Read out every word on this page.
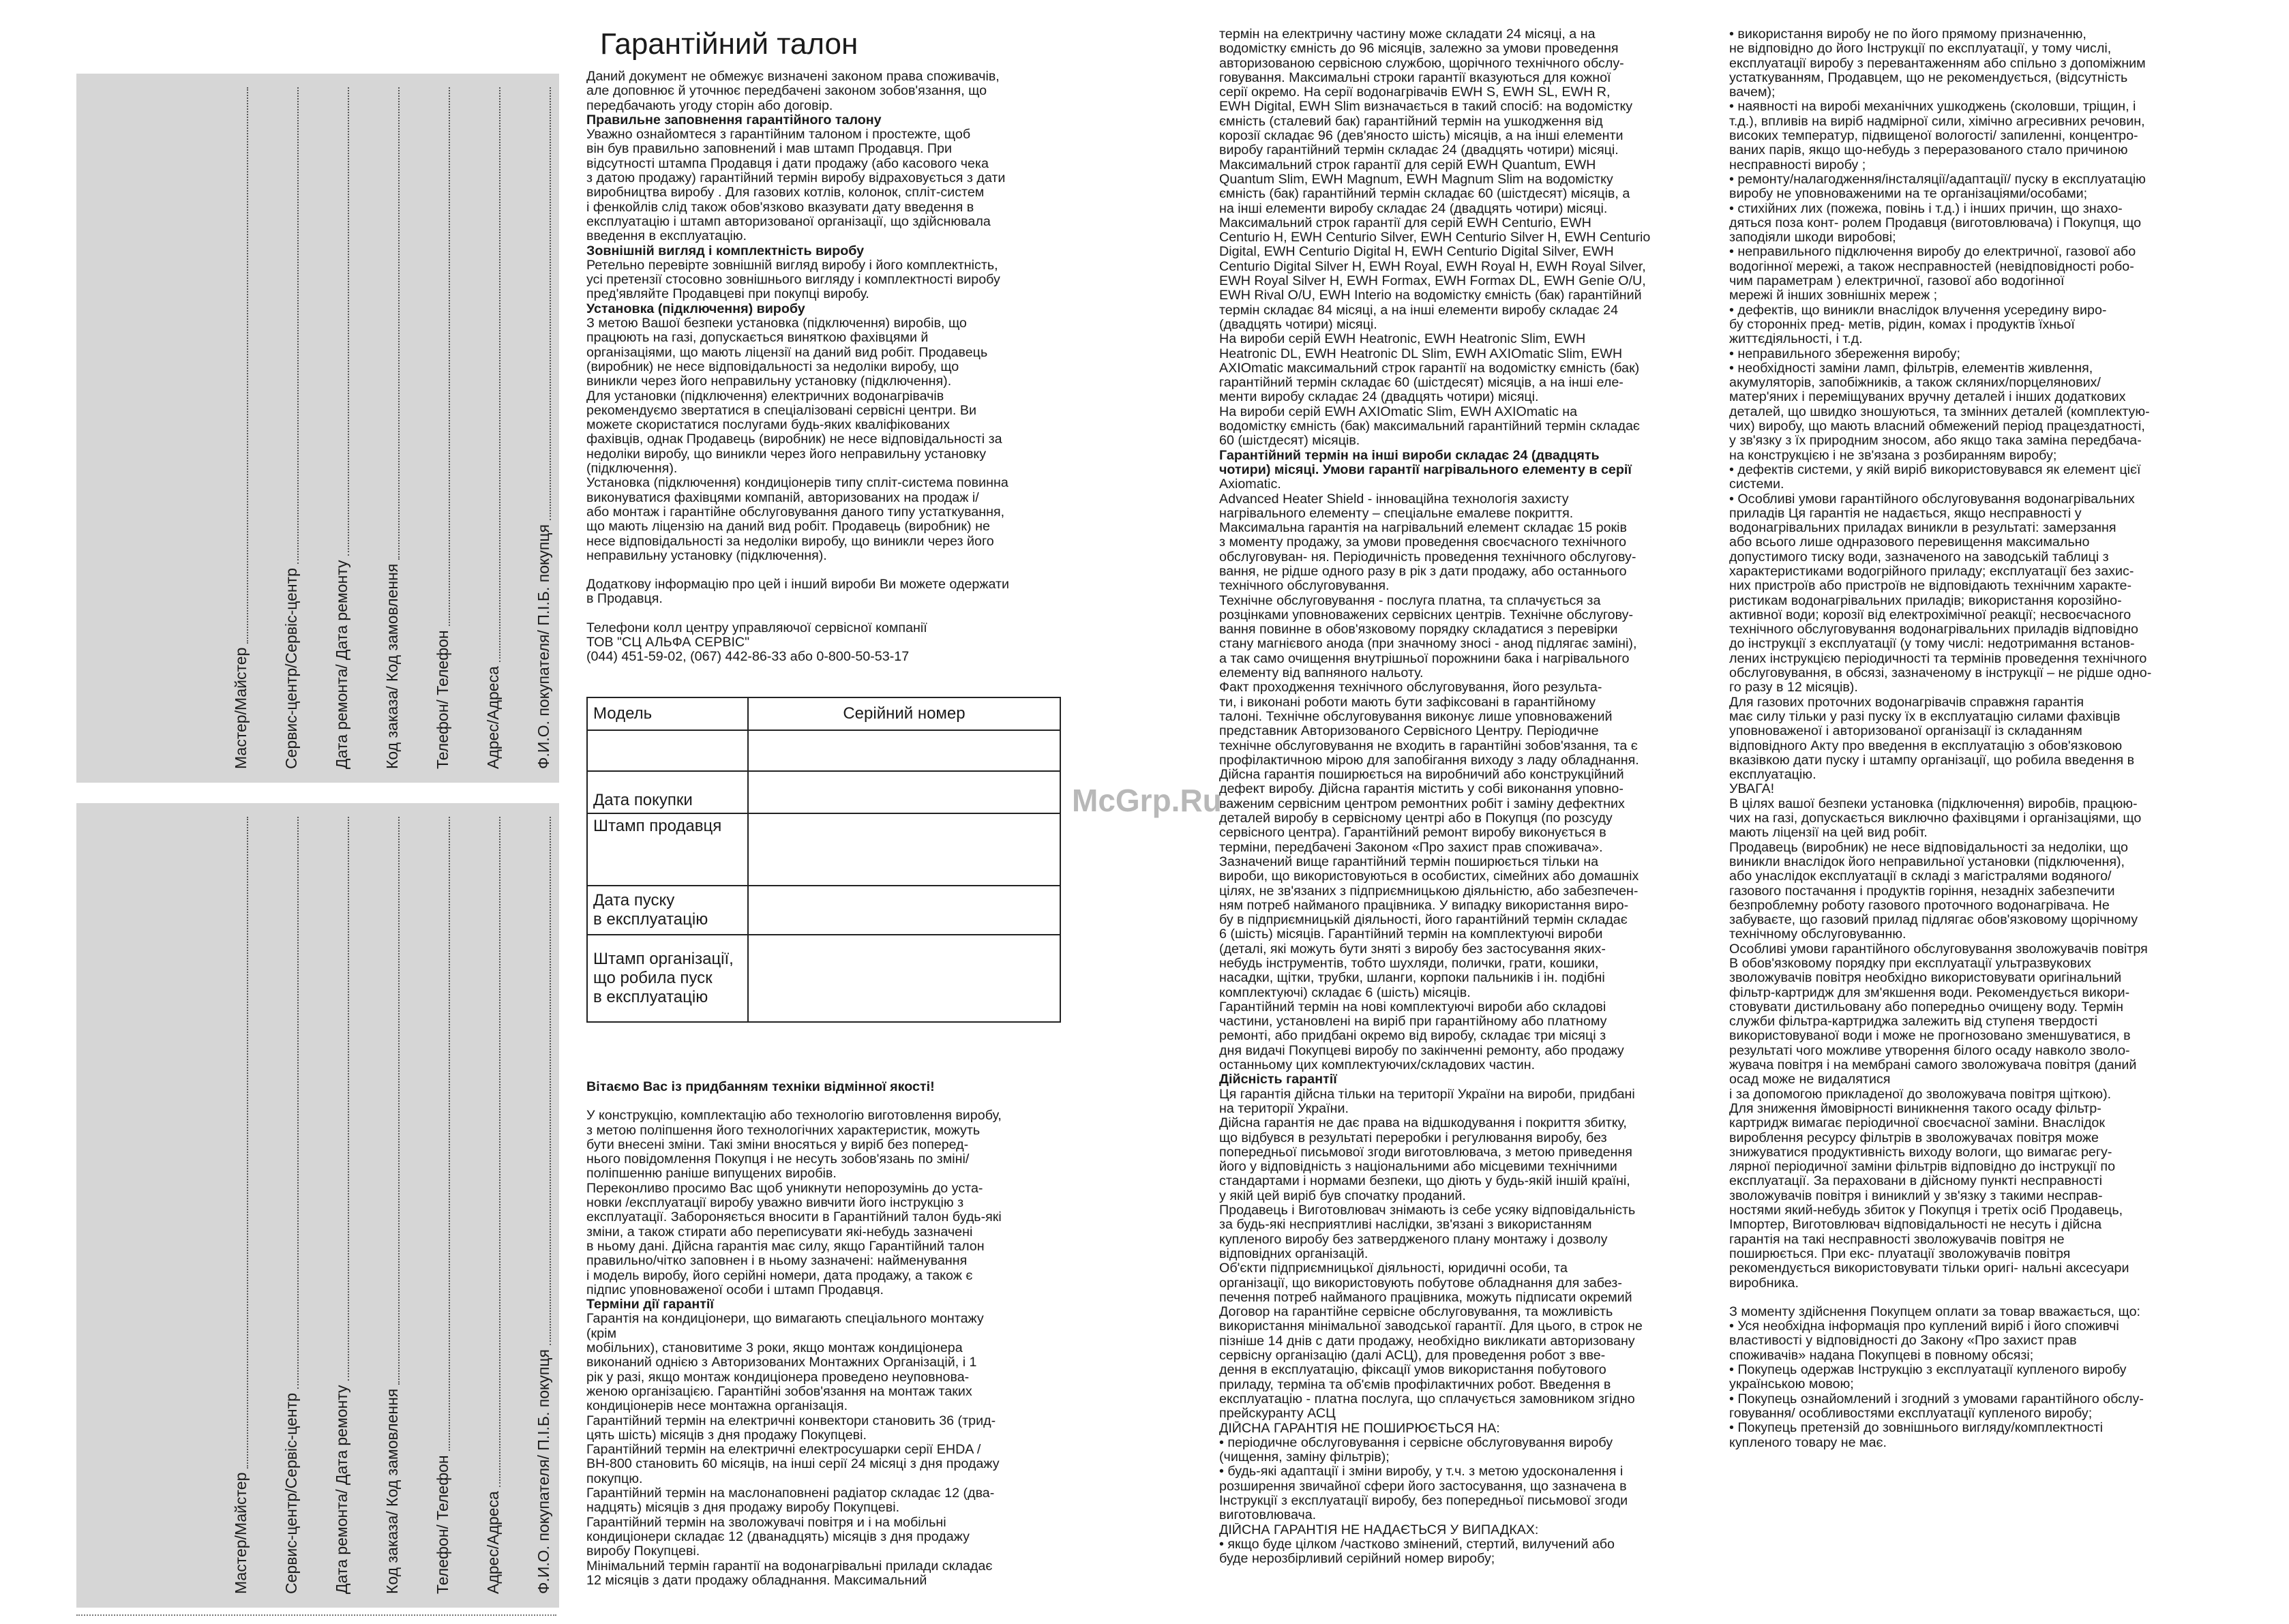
Ф.И.О. покупателя/ П.І.Б. покупця
Адрес/Адреса
Телефон/ Телефон
Код заказа/ Код замовлення
Дата ремонта/ Дата ремонту
Сервис-центр/Сервіс-центр
Мастер/Майстер
Ф.И.О. покупателя/ П.І.Б. покупця
Адрес/Адреса
Телефон/ Телефон
Код заказа/ Код замовлення
Дата ремонта/ Дата ремонту
Сервис-центр/Сервіс-центр
Мастер/Майстер
Гарантійний талон

Даний документ не обмежує визначені законом права споживачів,

але доповнює й уточнює передбачені законом зобов'язання, що

передбачають угоду сторін або договір.

Правильне заповнення гарантійного талону

Уважно ознайомтеся з гарантійним талоном і простежте, щоб

він був правильно заповнений і мав штамп Продавця. При

відсутності штампа Продавця і дати продажу (або касового чека

з датою продажу) гарантійний термін виробу відраховується з дати

виробництва виробу . Для газових котлів, колонок, спліт-систем

і фенкойлів слід також обов'язково вказувати дату введення в

експлуатацію і штамп авторизованої організації, що здійснювала

введення в експлуатацію.

Зовнішній вигляд і комплектність виробу

Ретельно перевірте зовнішній вигляд виробу і його комплектність,

усі претензії стосовно зовнішнього вигляду і комплектності виробу

пред'являйте Продавцеві при покупці виробу.

Установка (підключення) виробу

З метою Вашої безпеки установка (підключення) виробів, що

працюють на газі, допускається виняткою фахівцями й

організаціями, що мають ліцензії на даний вид робіт. Продавець

(виробник) не несе відповідальності за недоліки виробу, що

виникли через його неправильну установку (підключення).

Для установки (підключення) електричних водонагрівачів

рекомендуємо звертатися в спеціалізовані сервісні центри. Ви

можете скористатися послугами будь-яких кваліфікованих

фахівців, однак Продавець (виробник) не несе відповідальності за

недоліки виробу, що виникли через його неправильну установку

(підключення).

Установка (підключення) кондиціонерів типу спліт-система повинна

виконуватися фахівцями компаній, авторизованих на продаж і/

або монтаж і гарантійне обслуговування даного типу устаткування,

що мають ліцензію на даний вид робіт. Продавець (виробник) не

несе відповідальності за недоліки виробу, що виникли через його

неправильну установку (підключення).

Додаткову інформацію про цей і інший вироби Ви можете одержати

в Продавця.

Телефони колл центру управляючої сервісної компанії

ТОВ "СЦ АЛЬФА СЕРВІС"

(044) 451-59-02, (067) 442-86-33 або 0-800-50-53-17

Модель	Серійний номер

Дата покупки	

Штамп продавця	

Дата пуску
в експлуатацію	

Штамп організації,
що робила пуск
в експлуатацію	

Вітаємо Вас із придбанням техніки відмінної якості!

У конструкцію, комплектацію або технологію виготовлення виробу,

з метою поліпшення його технологічних характеристик, можуть

бути внесені зміни. Такі зміни вносяться у виріб без поперед-

нього повідомлення Покупця і не несуть зобов'язань по зміні/

поліпшенню раніше випущених виробів.

Переконливо просимо Вас щоб уникнути непорозумінь до уста-

новки /експлуатації виробу уважно вивчити його інструкцію з

експлуатації. Забороняється вносити в Гарантійний талон будь-які

зміни, а також стирати або переписувати які-небудь зазначені

в ньому дані. Дійсна гарантія має силу, якщо Гарантійний талон

правильно/чітко заповнен і в ньому зазначені: найменування

і модель виробу, його серійні номери, дата продажу, а також є

підпис уповноваженої особи і штамп Продавця.

Терміни дії гарантії

Гарантія на кондиціонери, що вимагають спеціального монтажу

(крім

мобільних), становитиме 3 роки, якщо монтаж кондиціонера

виконаний однією з Авторизованих Монтажних Організацій, і 1

рік у разі, якщо монтаж кондиціонера проведено неуповнова-

женою організацією. Гарантійні зобов'язання на монтаж таких

кондиціонерів несе монтажна організація.

Гарантійний термін на електричні конвектори становить 36 (трид-

цять шість) місяців з дня продажу Покупцеві.

Гарантійний термін на електричні електросушарки серії EHDA /

BH-800 становить 60 місяців, на інші серії 24 місяці з дня продажу

покупцю.

Гарантійний термін на маслонаповнені радіатор складає 12 (два-

надцять) місяців з дня продажу виробу Покупцеві.

Гарантійний термін на зволожувачі повітря и і на мобільні

кондиціонери складає 12 (дванадцять) місяців з дня продажу

виробу Покупцеві.

Мінімальний термін гарантії на водонагрівальні прилади складає

12 місяців з дати продажу обладнання. Максимальний

термін на електричну частину може складати 24 місяці, а на

водомістку ємність до 96 місяців, залежно за умови проведення

авторизованою сервісною службою, щорічного технічного обслу-

говування. Максимальні строки гарантії вказуються для кожної

серії окремо. На серії водонагрівачів EWH S, EWH SL, EWH R,

EWH Digital, EWH Slim визначається в такий спосіб: на водомістку

ємність (сталевий бак) гарантійний термін на ушкодження від

корозії складає 96 (дев'яносто шість) місяців, а на інші елементи

виробу гарантійний термін складає 24 (двадцять чотири) місяці.

Максимальний строк гарантії для серій EWH Quantum, EWH

Quantum Slim, EWH Magnum, EWH Magnum Slim на водомістку

ємність (бак) гарантійний термін складає 60 (шістдесят) місяців, а

на інші елементи виробу складає 24 (двадцять чотири) місяці.

Максимальний строк гарантії для серій EWH Centurio, EWH

Centurio H, EWH Centurio Silver, EWH Centurio Silver H, EWH Centurio

Digital, EWH Centurio Digital H, EWH Centurio Digital Silver, EWH

Centurio Digital Silver H, EWH Royal, EWH Royal H, EWH Royal Silver,

EWH Royal Silver H, EWH Formax, EWH Formax DL, EWH Genie O/U,

EWH Rival O/U, EWH Interio на водомістку ємність (бак) гарантійний

термін складає 84 місяці, а на інші елементи виробу складає 24

(двадцять чотири) місяці.

На вироби серій EWH Heatronic, EWH Heatronic Slim, EWH

Heatronic DL, EWH Heatronic DL Slim, EWH AXIOmatic Slim, EWH

AXIOmatic максимальний строк гарантії на водомістку ємність (бак)

гарантійний термін складає 60 (шістдесят) місяців, а на інші еле-

менти виробу складає 24 (двадцять чотири) місяці.

На вироби серій EWH AXIOmatic Slim, EWH AXIOmatic на

водомістку ємність (бак) максимальний гарантійний термін складає

60 (шістдесят) місяців.

Гарантійний термін на інші вироби складає 24 (двадцять

чотири) місяці. Умови гарантії нагрівального елементу в серії

Axiomatic.

Advanced Heater Shield - інноваційна технологія захисту

нагрівального елементу – спеціальне емалеве покриття.

Максимальна гарантія на нагрівальний елемент складає 15 років

з моменту продажу, за умови проведення своєчасного технічного

обслуговуван- ня. Періодичність проведення технічного обслугову-

вання, не рідше одного разу в рік з дати продажу, або останнього

технічного обслуговування.

Технічне обслуговування - послуга платна, та сплачується за

розцінками уповноважених сервісних центрів. Технічне обслугову-

вання повинне в обов'язковому порядку складатися з перевірки

стану магнієвого анода (при значному зносі - анод підлягає заміні),

а так само очищення внутрішньої порожнини бака і нагрівального

елементу від вапняного нальоту.

Факт проходження технічного обслуговування, його результа-

ти, і виконані роботи мають бути зафіксовані в гарантійному

талоні. Технічне обслуговування виконує лише уповноважений

представник Авторизованого Сервісного Центру. Періодичне

технічне обслуговування не входить в гарантійні зобов'язання, та є

профілактичною мірою для запобігання виходу з ладу обладнання.

Дійсна гарантія поширюється на виробничий або конструкційний

дефект виробу. Дійсна гарантія містить у собі виконання уповно-

важеним сервісним центром ремонтних робіт і заміну дефектних

деталей виробу в сервісному центрі або в Покупця (по розсуду

сервісного центра). Гарантійний ремонт виробу виконується в

терміни, передбачені Законом «Про захист прав споживача».

Зазначений вище гарантійний термін поширюється тільки на

вироби, що використовуються в особистих, сімейних або домашніх

цілях, не зв'язаних з підприємницькою діяльністю, або забезпечен-

ням потреб найманого працівника. У випадку використання виро-

бу в підприємницькій діяльності, його гарантійний термін складає

6 (шість) місяців. Гарантійний термін на комплектуючі вироби

(деталі, які можуть бути зняті з виробу без застосування яких-

небудь інструментів, тобто шухляди, полички, грати, кошики,

насадки, щітки, трубки, шланги, корпоки пальників і ін. подібні

комплектуючі) складає 6 (шість) місяців.

Гарантійний термін на нові комплектуючі вироби або складові

частини, установлені на виріб при гарантійному або платному

ремонті, або придбані окремо від виробу, складає три місяці з

дня видачі Покупцеві виробу по закінченні ремонту, або продажу

останньому цих комплектуючих/складових частин.

Дійсність гарантії

Ця гарантія дійсна тільки на території України на вироби, придбані

на території України.

Дійсна гарантія не дає права на відшкодування і покриття збитку,

що відбувся в результаті переробки і регулювання виробу, без

попередньої письмової згоди виготовлювача, з метою приведення

його у відповідність з національними або місцевими технічними

стандартами і нормами безпеки, що діють у будь-якій іншій країні,

у якій цей виріб був спочатку проданий.

Продавець і Виготовлювач знімають із себе усяку відповідальність

за будь-які несприятливі наслідки, зв'язані з використанням

купленого виробу без затвердженого плану монтажу і дозволу

відповідних організацій.

Об'єкти підприємницької діяльності, юридичні особи, та

організації, що використовують побутове обладнання для забез-

печення потреб найманого працівника, можуть підписати окремий

Договор на гарантійне сервісне обслуговування, та можливість

використання мінімальної заводської гарантії. Для цього, в строк не

пізніше 14 днів с дати продажу, необхідно викликати авторизовану

сервісну організацію (далі АСЦ), для проведення робот з вве-

дення в експлуатацію, фіксації умов використання побутового

приладу, терміна та об'ємів профілактичних робот. Введення в

експлуатацію - платна послуга, що сплачується замовником згідно

прейскуранту АСЦ

ДІЙСНА ГАРАНТІЯ НЕ ПОШИРЮЄТЬСЯ НА:

• періодичне обслуговування і сервісне обслуговування виробу

(чищення, заміну фільтрів);

• будь-які адаптації і зміни виробу, у т.ч. з метою удосконалення і

розширення звичайної сфери його застосування, що зазначена в

Інструкції з експлуатації виробу, без попередньої письмової згоди

виготовлювача.

ДІЙСНА ГАРАНТІЯ НЕ НАДАЄТЬСЯ У ВИПАДКАХ:

• якщо буде цілком /частково змінений, стертий, вилучений або

буде нерозбірливий серійний номер виробу;

• використання виробу не по його прямому призначенню,

не відповідно до його Інструкції по експлуатації, у тому числі,

експлуатації виробу з перевантаженням або спільно з допоміжним

устаткуванням, Продавцем, що не рекомендується, (відсутність

вачем);

• наявності на виробі механічних ушкоджень (сколовши, тріщин, і

т.д.), впливів на виріб надмірної сили, хімічно агресивних речовин,

високих температур, підвищеної вологості/ запиленні, концентро-

ваних парів, якщо що-небудь з переразованого стало причиною

несправності виробу ;

• ремонту/налагодження/інсталяції/адаптації/ пуску в експлуатацію

виробу не уповноваженими на те організаціями/особами;

• стихійних лих (пожежа, повінь і т.д.) і інших причин, що знахо-

дяться поза конт- ролем Продавця (виготовлювача) і Покупця, що

заподіяли шкоди виробові;

• неправильного підключення виробу до електричної, газової або

водогінної мережі, а також несправностей (невідповідності робо-

чим параметрам ) електричної, газової або водогінної

мережі й інших зовнішніх мереж ;

• дефектів, що виникли внаслідок влучення усередину виро-

бу сторонніх пред- метів, рідин, комах і продуктів їхньої

життєдіяльності, і т.д.

• неправильного збереження виробу;

• необхідності заміни ламп, фільтрів, елементів живлення,

акумуляторів, запобіжників, а також скляних/порцелянових/

матер'яних і переміщуваних вручну деталей і інших додаткових

деталей, що швидко зношуються, та змінних деталей (комплектую-

чих) виробу, що мають власний обмежений період працездатності,

у зв'язку з їх природним зносом, або якщо така заміна передбача-

на конструкцією і не зв'язана з розбиранням виробу;

• дефектів системи, у якій виріб використовувався як елемент цієї

системи.

• Особливі умови гарантійного обслуговування водонагрівальних

приладів Ця гарантія не надається, якщо несправності у

водонагрівальних приладах виникли в результаті: замерзання

або всього лише однразового перевищення максимально

допустимого тиску води, зазначеного на заводській таблиці з

характеристиками водогрійного приладу; експлуатації без захис-

них пристроїв або пристроїв не відповідають технічним характе-

ристикам водонагрівальних приладів; використання корозійно-

активної води; корозії від електрохімічної реакції; несвоєчасного

технічного обслуговування водонагрівальних приладів відповідно

до інструкції з експлуатації (у тому числі: недотримання встанов-

лених інструкцією періодичності та термінів проведення технічного

обслуговування, в обсязі, зазначеному в інструкції – не рідше одно-

го разу в 12 місяців).

Для газових проточних водонагрівачів справжня гарантія

має силу тільки у разі пуску їх в експлуатацію силами фахівців

уповноваженої і авторизованої організації із складанням

відповідного Акту про введення в експлуатацію з обов'язковою

вказівкою дати пуску і штампу організації, що робила введення в

експлуатацію.

УВАГА!

В цілях вашої безпеки установка (підключення) виробів, працюю-

чих на газі, допускається виключно фахівцями і організаціями, що

мають ліцензії на цей вид робіт.

Продавець (виробник) не несе відповідальності за недоліки, що

виникли внаслідок його неправильної установки (підключення),

або унаслідок експлуатації в складі з магістралями водяного/

газового постачання і продуктів горіння, незадніх забезпечити

безпроблемну роботу газового проточного водонагрівача. Не

забуваєте, що газовий прилад підлягає обов'язковому щорічному

технічному обслуговуванню.

Особливі умови гарантійного обслуговування зволожувачів повітря

В обов'язковому порядку при експлуатації ультразвукових

зволожувачів повітря необхідно використовувати оригінальний

фільтр-картридж для зм'якшення води. Рекомендується викори-

стовувати дистильовану або попередньо очищену воду. Термін

служби фільтра-картриджа залежить від ступеня твердості

використовуваної води і може не прогнозовано зменшуватися, в

результаті чого можливе утворення білого осаду навколо зволо-

жувача повітря і на мембрані самого зволожувача повітря (даний

осад може не видалятися

і за допомогою прикладеної до зволожувача повітря щіткою).

Для зниження ймовірності виникнення такого осаду фільтр-

картридж вимагає періодичної своєчасної заміни. Внаслідок

вироблення ресурсу фільтрів в зволожувачах повітря може

знижуватися продуктивність виходу вологи, що вимагає регу-

лярної періодичної заміни фільтрів відповідно до інструкції по

експлуатації. За пераховани в дійсному пункті несправності

зволожувачів повітря і виниклий у зв'язку з такими несправ-

ностями який-небудь збиток у Покупця і третіх осіб Продавець,

Імпортер, Виготовлювач відповідальності не несуть і дійсна

гарантія на такі несправності зволожувачів повітря не

поширюється. При екс- плуатації зволожувачів повітря

рекомендується використовувати тільки оригі- нальні аксесуари

виробника.

З моменту здійснення Покупцем оплати за товар вважається, що:

• Уся необхідна інформація про куплений виріб і його споживчі

властивості у відповідності до Закону «Про захист прав

споживачів» надана Покупцеві в повному обсязі;

• Покупець одержав Інструкцію з експлуатації купленого виробу

українською мовою;

• Покупець ознайомлений і згодний з умовами гарантійного обслу-

говування/ особливостями експлуатації купленого виробу;

• Покупець претензій до зовнішнього вигляду/комплектності

купленого товару не має.

McGrp.Ru
